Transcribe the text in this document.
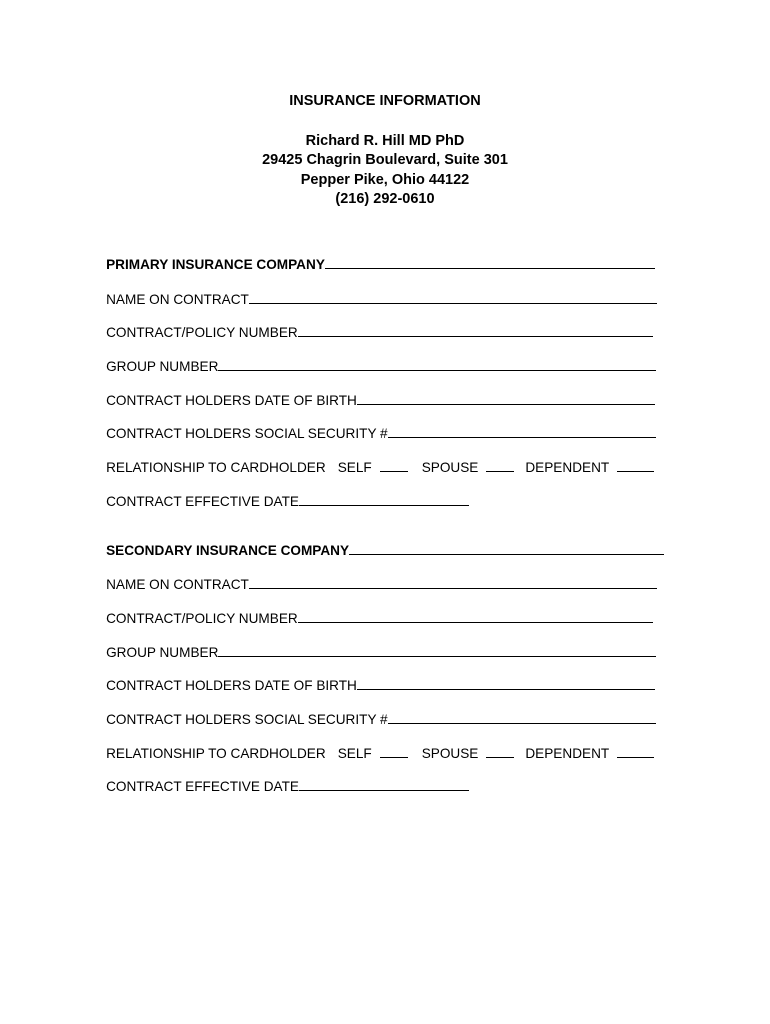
INSURANCE INFORMATION
Richard R. Hill MD PhD
29425 Chagrin Boulevard, Suite 301
Pepper Pike, Ohio 44122
(216) 292-0610

PRIMARY INSURANCE COMPANY

NAME ON CONTRACT

CONTRACT/POLICY NUMBER

GROUP NUMBER

CONTRACT HOLDERS DATE OF BIRTH

CONTRACT HOLDERS SOCIAL SECURITY #

RELATIONSHIP TO CARDHOLDER SELF	SPOUSE	DEPENDENT

CONTRACT EFFECTIVE DATE

SECONDARY INSURANCE COMPANY

NAME ON CONTRACT

CONTRACT/POLICY NUMBER

GROUP NUMBER

CONTRACT HOLDERS DATE OF BIRTH

CONTRACT HOLDERS SOCIAL SECURITY #

RELATIONSHIP TO CARDHOLDER SELF	SPOUSE	DEPENDENT

CONTRACT EFFECTIVE DATE
